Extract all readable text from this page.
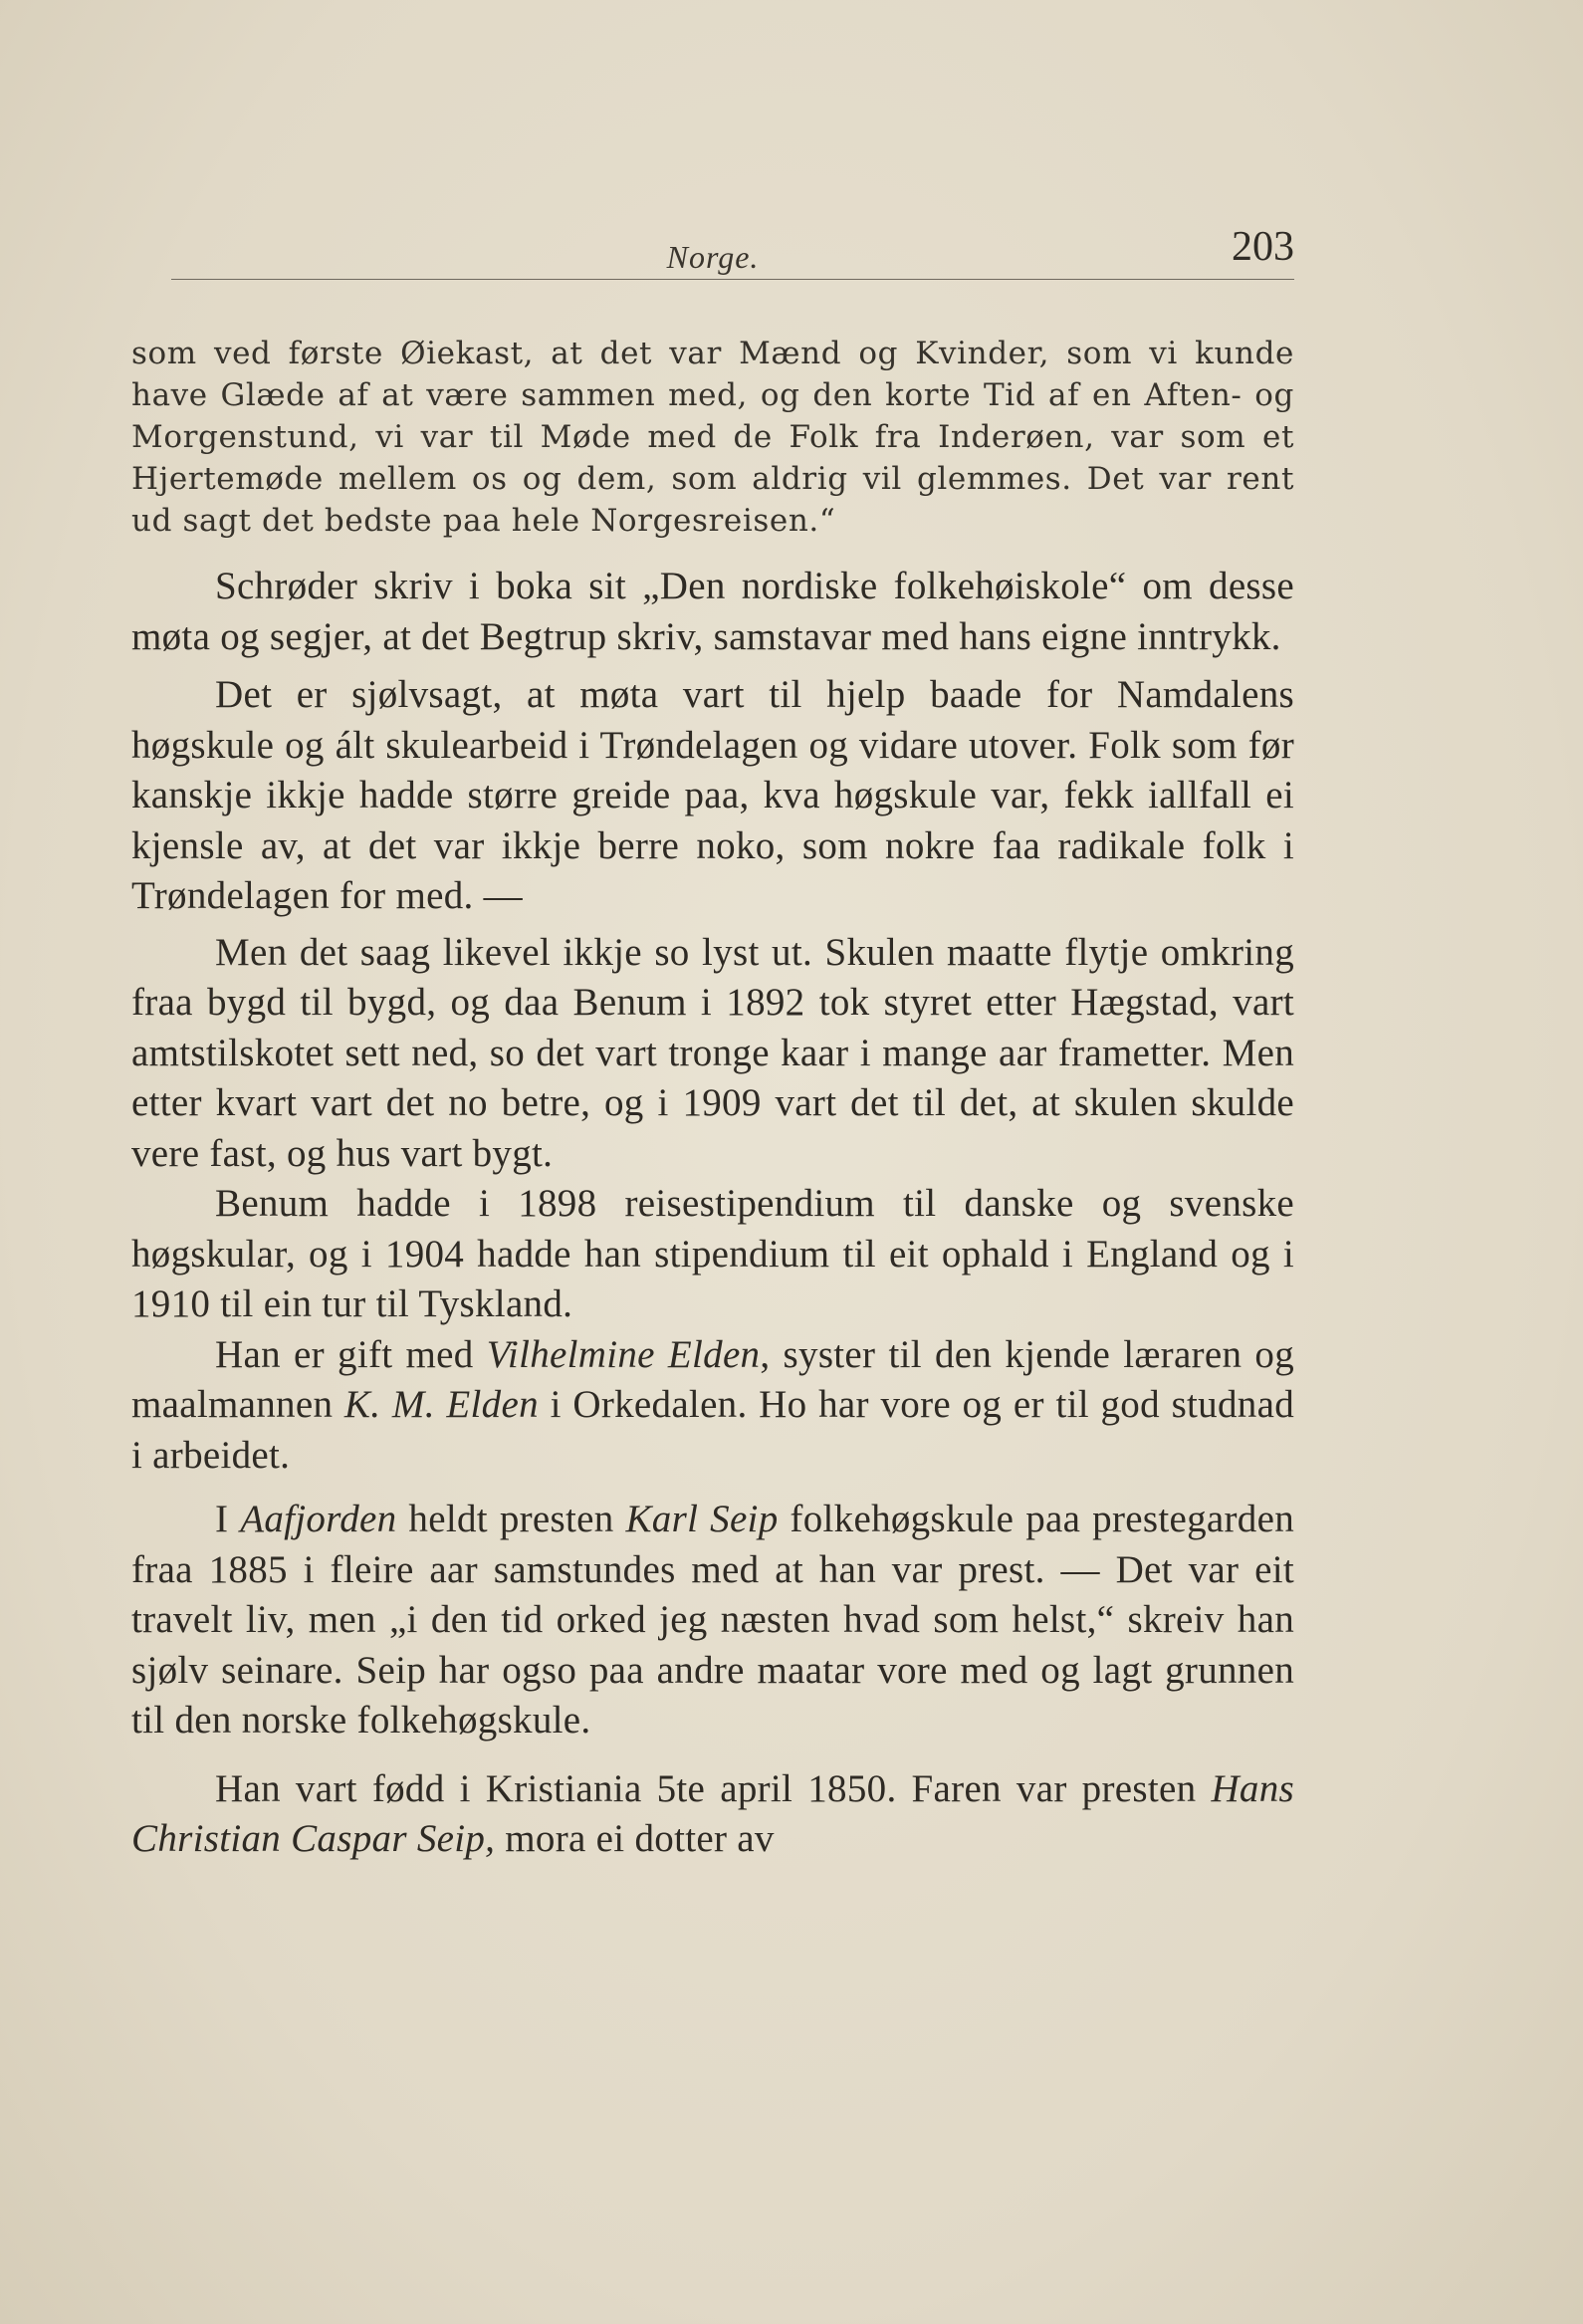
Norge.	203

som ved første Øiekast, at det var Mænd og Kvinder, som vi kunde have Glæde af at være sammen med, og den korte Tid af en Aften- og Morgenstund, vi var til Møde med de Folk fra Inderøen, var som et Hjertemøde mellem os og dem, som aldrig vil glemmes. Det var rent ud sagt det bedste paa hele Norgesreisen.“

Schrøder skriv i boka sit „Den nordiske folkehøiskole“ om desse møta og segjer, at det Begtrup skriv, samstavar med hans eigne inntrykk.

Det er sjølvsagt, at møta vart til hjelp baade for Namdalens høgskule og ált skulearbeid i Trøndelagen og vidare utover. Folk som før kanskje ikkje hadde større greide paa, kva høgskule var, fekk iallfall ei kjensle av, at det var ikkje berre noko, som nokre faa radikale folk i Trøndelagen for med. —

Men det saag likevel ikkje so lyst ut. Skulen maatte flytje omkring fraa bygd til bygd, og daa Benum i 1892 tok styret etter Hægstad, vart amtstilskotet sett ned, so det vart tronge kaar i mange aar frametter. Men etter kvart vart det no betre, og i 1909 vart det til det, at skulen skulde vere fast, og hus vart bygt.

Benum hadde i 1898 reisestipendium til danske og svenske høgskular, og i 1904 hadde han stipendium til eit ophald i England og i 1910 til ein tur til Tyskland.

Han er gift med Vilhelmine Elden, syster til den kjende læraren og maalmannen K. M. Elden i Orkedalen. Ho har vore og er til god studnad i arbeidet.

I Aafjorden heldt presten Karl Seip folkehøgskule paa prestegarden fraa 1885 i fleire aar samstundes med at han var prest. — Det var eit travelt liv, men „i den tid orked jeg næsten hvad som helst,“ skreiv han sjølv seinare. Seip har ogso paa andre maatar vore med og lagt grunnen til den norske folkehøgskule.

Han vart fødd i Kristiania 5te april 1850. Faren var presten Hans Christian Caspar Seip, mora ei dotter av
